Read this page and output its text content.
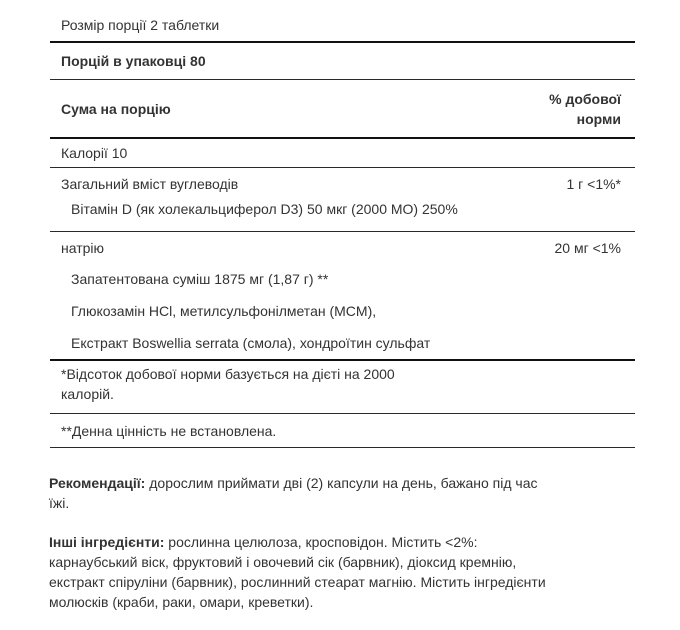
Розмір порції 2 таблетки
Порцій в упаковці 80
Сума на порцію
% добової
норми
Калорії 10
Загальний вміст вуглеводів	1 г <1%*
Вітамін D (як холекальциферол D3) 50 мкг (2000 МО) 250%
натрію	20 мг <1%
Запатентована суміш 1875 мг (1,87 г) **
Глюкозамін HCl, метилсульфонілметан (MCM),
Екстракт Boswellia serrata (смола), хондроїтин сульфат
*Відсоток добової норми базується на дієті на 2000
калорій.
**Денна цінність не встановлена.
Рекомендації: дорослим приймати дві (2) капсули на день, бажано під час
їжі.
Інші інгредієнти: рослинна целюлоза, кросповідон. Містить <2%:
карнаубський віск, фруктовий і овочевий сік (барвник), діоксид кремнію,
екстракт спіруліни (барвник), рослинний стеарат магнію. Містить інгредієнти
молюсків (краби, раки, омари, креветки).
